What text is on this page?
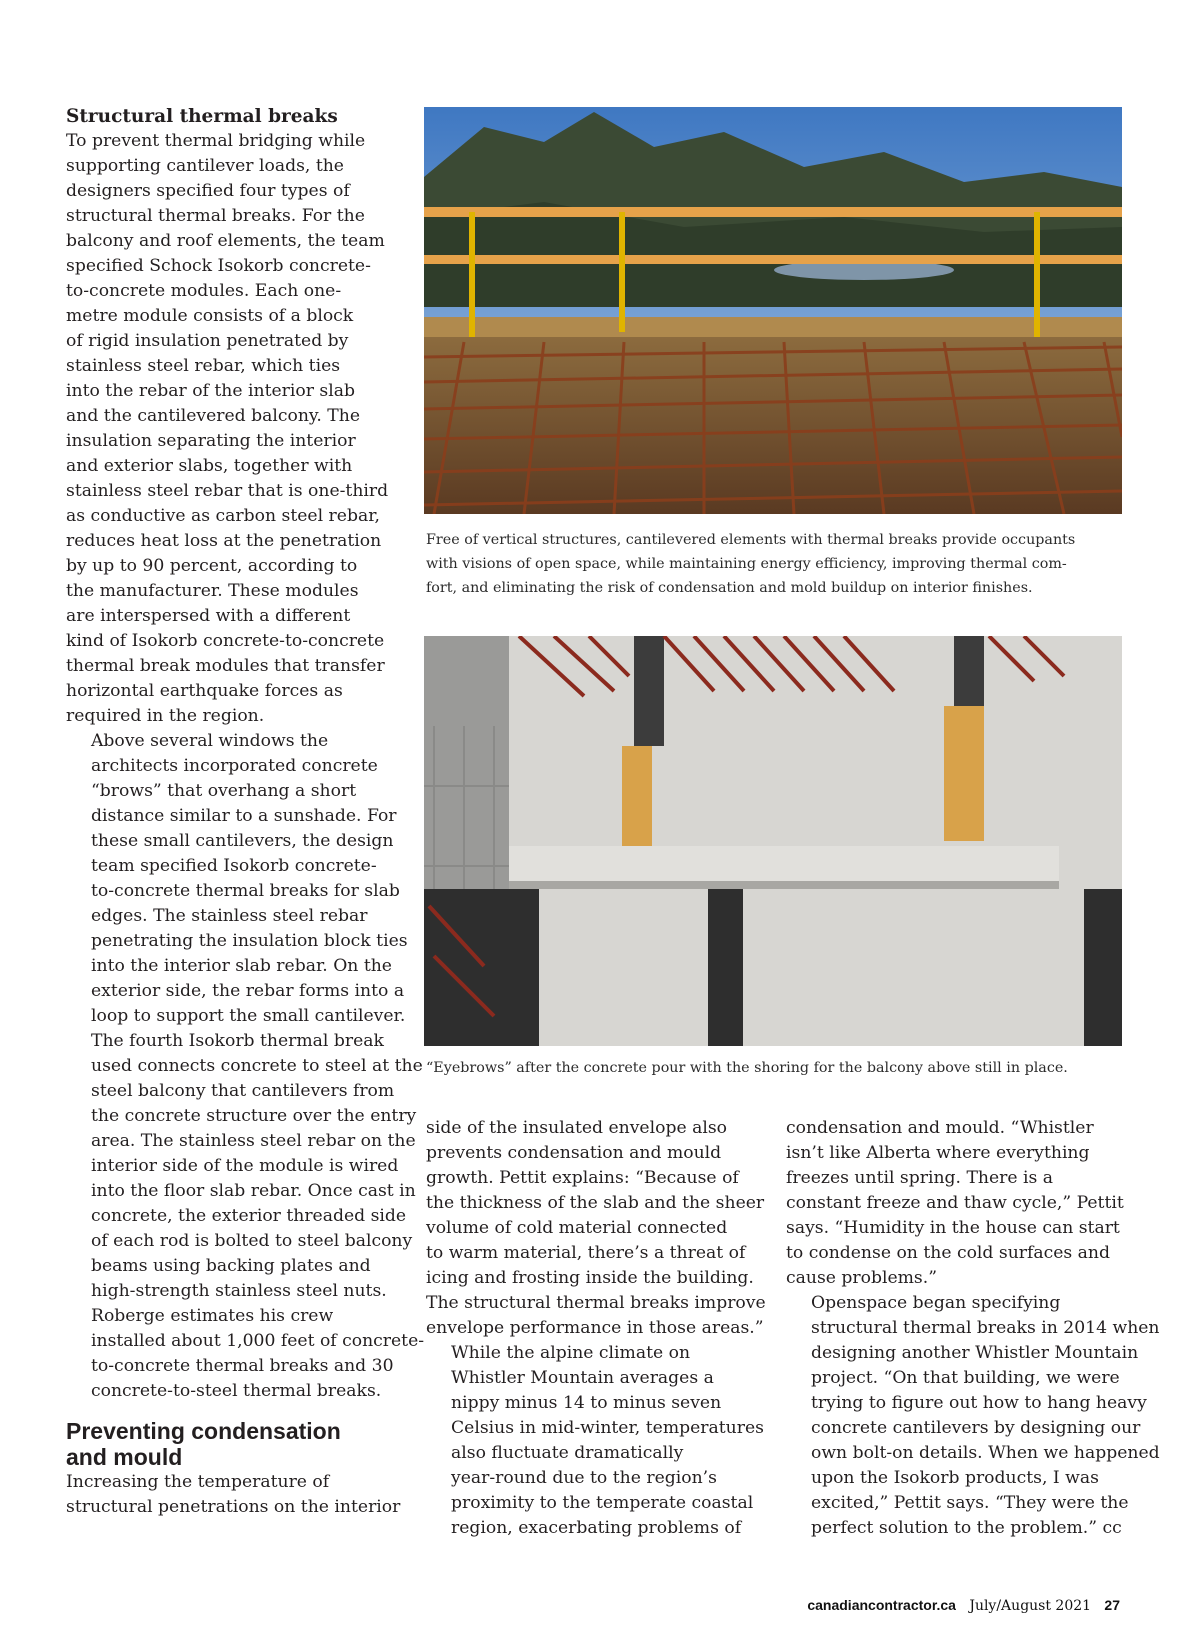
Structural thermal breaks

To prevent thermal bridging while
supporting cantilever loads, the
designers specified four types of
structural thermal breaks. For the
balcony and roof elements, the team
specified Schock Isokorb concrete-
to-concrete modules. Each one-
metre module consists of a block
of rigid insulation penetrated by
stainless steel rebar, which ties
into the rebar of the interior slab
and the cantilevered balcony. The
insulation separating the interior
and exterior slabs, together with
stainless steel rebar that is one-third
as conductive as carbon steel rebar,
reduces heat loss at the penetration
by up to 90 percent, according to
the manufacturer. These modules
are interspersed with a different
kind of Isokorb concrete-to-concrete
thermal break modules that transfer
horizontal earthquake forces as
required in the region.

Above several windows the
architects incorporated concrete
“brows” that overhang a short
distance similar to a sunshade. For
these small cantilevers, the design
team specified Isokorb concrete-
to-concrete thermal breaks for slab
edges. The stainless steel rebar
penetrating the insulation block ties
into the interior slab rebar. On the
exterior side, the rebar forms into a
loop to support the small cantilever.

The fourth Isokorb thermal break
used connects concrete to steel at the
steel balcony that cantilevers from
the concrete structure over the entry
area. The stainless steel rebar on the
interior side of the module is wired
into the floor slab rebar. Once cast in
concrete, the exterior threaded side
of each rod is bolted to steel balcony
beams using backing plates and
high-strength stainless steel nuts.

Roberge estimates his crew
installed about 1,000 feet of concrete-
to-concrete thermal breaks and 30
concrete-to-steel thermal breaks.

Preventing condensation
and mould

Increasing the temperature of
structural penetrations on the interior

Free of vertical structures, cantilevered elements with thermal breaks provide occupants
with visions of open space, while maintaining energy efficiency, improving thermal com-
fort, and eliminating the risk of condensation and mold buildup on interior finishes.
“Eyebrows” after the concrete pour with the shoring for the balcony above still in place.

side of the insulated envelope also
prevents condensation and mould
growth. Pettit explains: “Because of
the thickness of the slab and the sheer
volume of cold material connected
to warm material, there’s a threat of
icing and frosting inside the building.
The structural thermal breaks improve
envelope performance in those areas.”

While the alpine climate on
Whistler Mountain averages a
nippy minus 14 to minus seven
Celsius in mid-winter, temperatures
also fluctuate dramatically
year-round due to the region’s
proximity to the temperate coastal
region, exacerbating problems of

condensation and mould. “Whistler
isn’t like Alberta where everything
freezes until spring. There is a
constant freeze and thaw cycle,” Pettit
says. “Humidity in the house can start
to condense on the cold surfaces and
cause problems.”

Openspace began specifying
structural thermal breaks in 2014 when
designing another Whistler Mountain
project. “On that building, we were
trying to figure out how to hang heavy
concrete cantilevers by designing our
own bolt-on details. When we happened
upon the Isokorb products, I was
excited,” Pettit says. “They were the
perfect solution to the problem.” cc

canadiancontractor.ca July/August 2021 27
